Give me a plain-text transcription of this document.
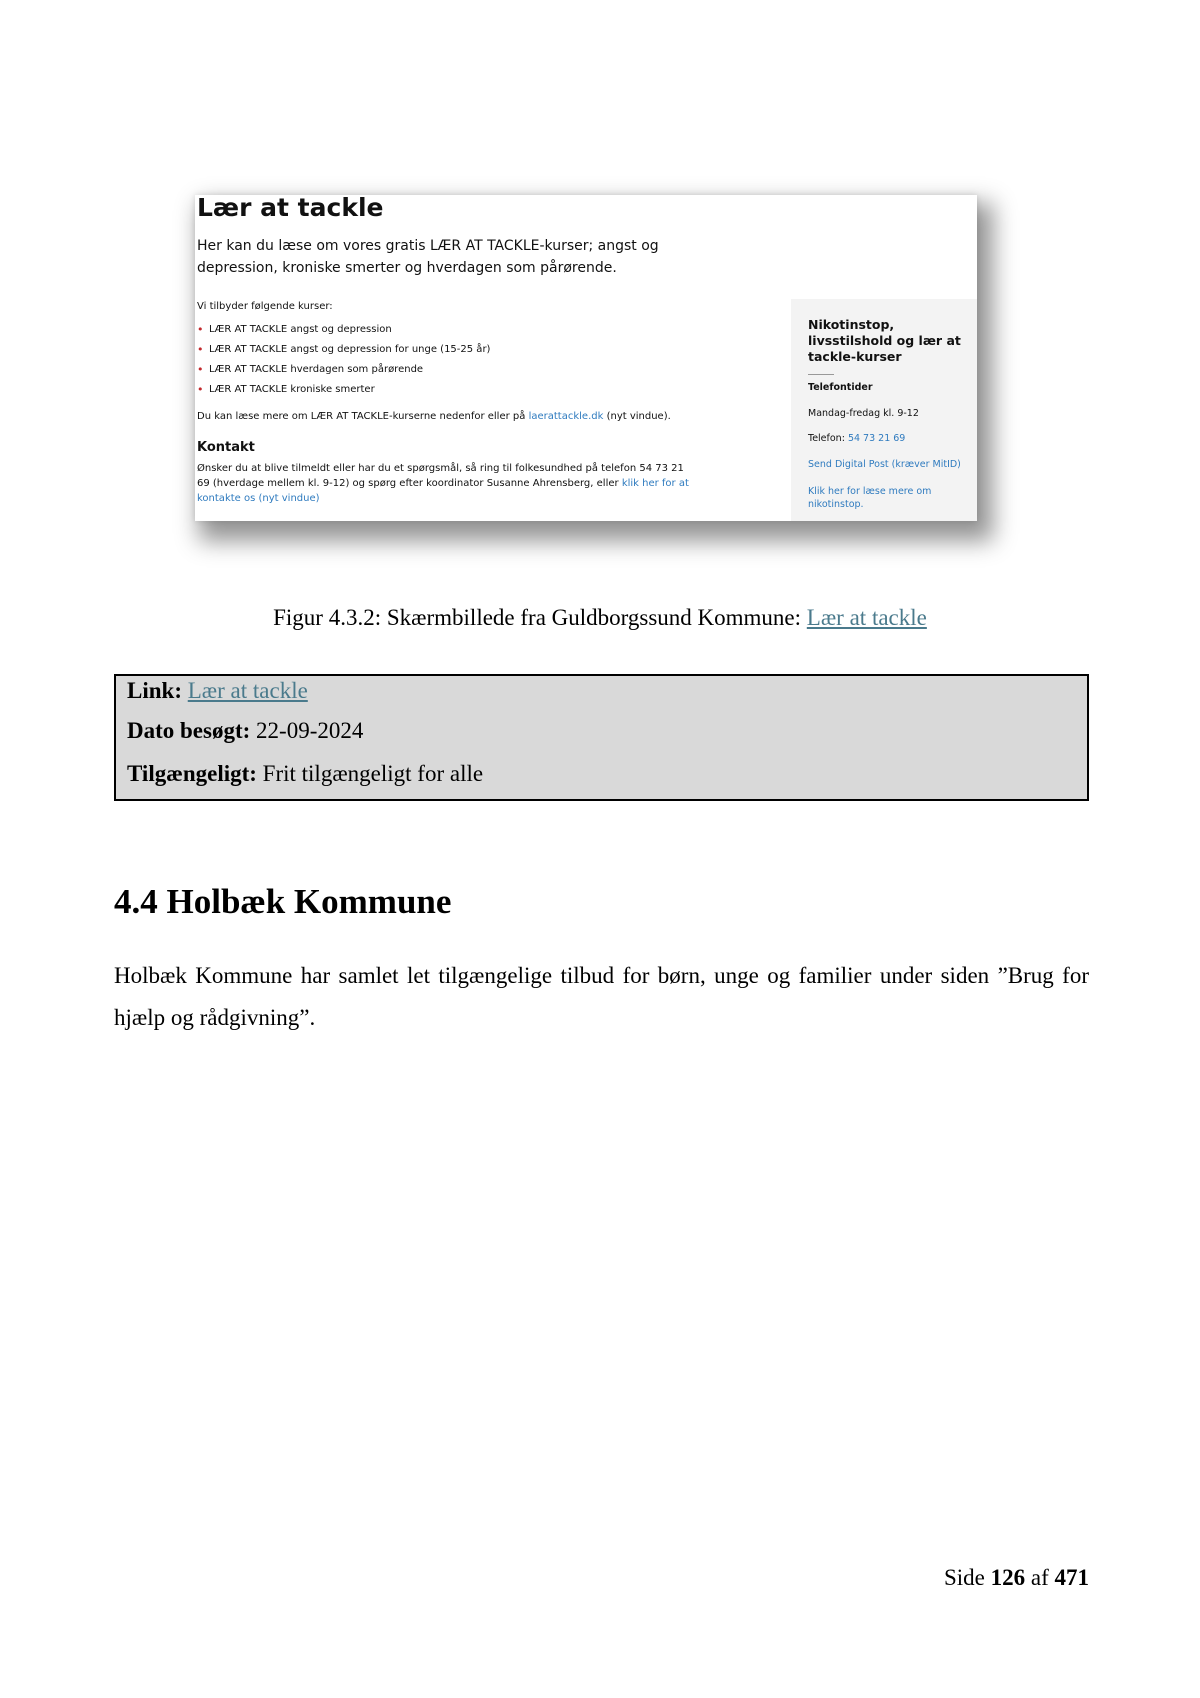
Lær at tackle

Her kan du læse om vores gratis LÆR AT TACKLE-kurser; angst og depression, kroniske smerter og hverdagen som pårørende.

Vi tilbyder følgende kurser:

• LÆR AT TACKLE angst og depression
• LÆR AT TACKLE angst og depression for unge (15-25 år)
• LÆR AT TACKLE hverdagen som pårørende
• LÆR AT TACKLE kroniske smerter

Du kan læse mere om LÆR AT TACKLE-kurserne nedenfor eller på laerattackle.dk (nyt vindue).

Kontakt

Ønsker du at blive tilmeldt eller har du et spørgsmål, så ring til folkesundhed på telefon 54 73 21 69 (hverdage mellem kl. 9-12) og spørg efter koordinator Susanne Ahrensberg, eller klik her for at kontakte os (nyt vindue)

Nikotinstop, livsstilshold og lær at tackle-kurser

Telefontider

Mandag-fredag kl. 9-12

Telefon: 54 73 21 69

Send Digital Post (kræver MitID)

Klik her for læse mere om nikotinstop.

Figur 4.3.2: Skærmbillede fra Guldborgssund Kommune: Lær at tackle

Link: Lær at tackle

Dato besøgt: 22-09-2024

Tilgængeligt: Frit tilgængeligt for alle

4.4 Holbæk Kommune

Holbæk Kommune har samlet let tilgængelige tilbud for børn, unge og familier under siden ”Brug for hjælp og rådgivning”.

Side 126 af 471
